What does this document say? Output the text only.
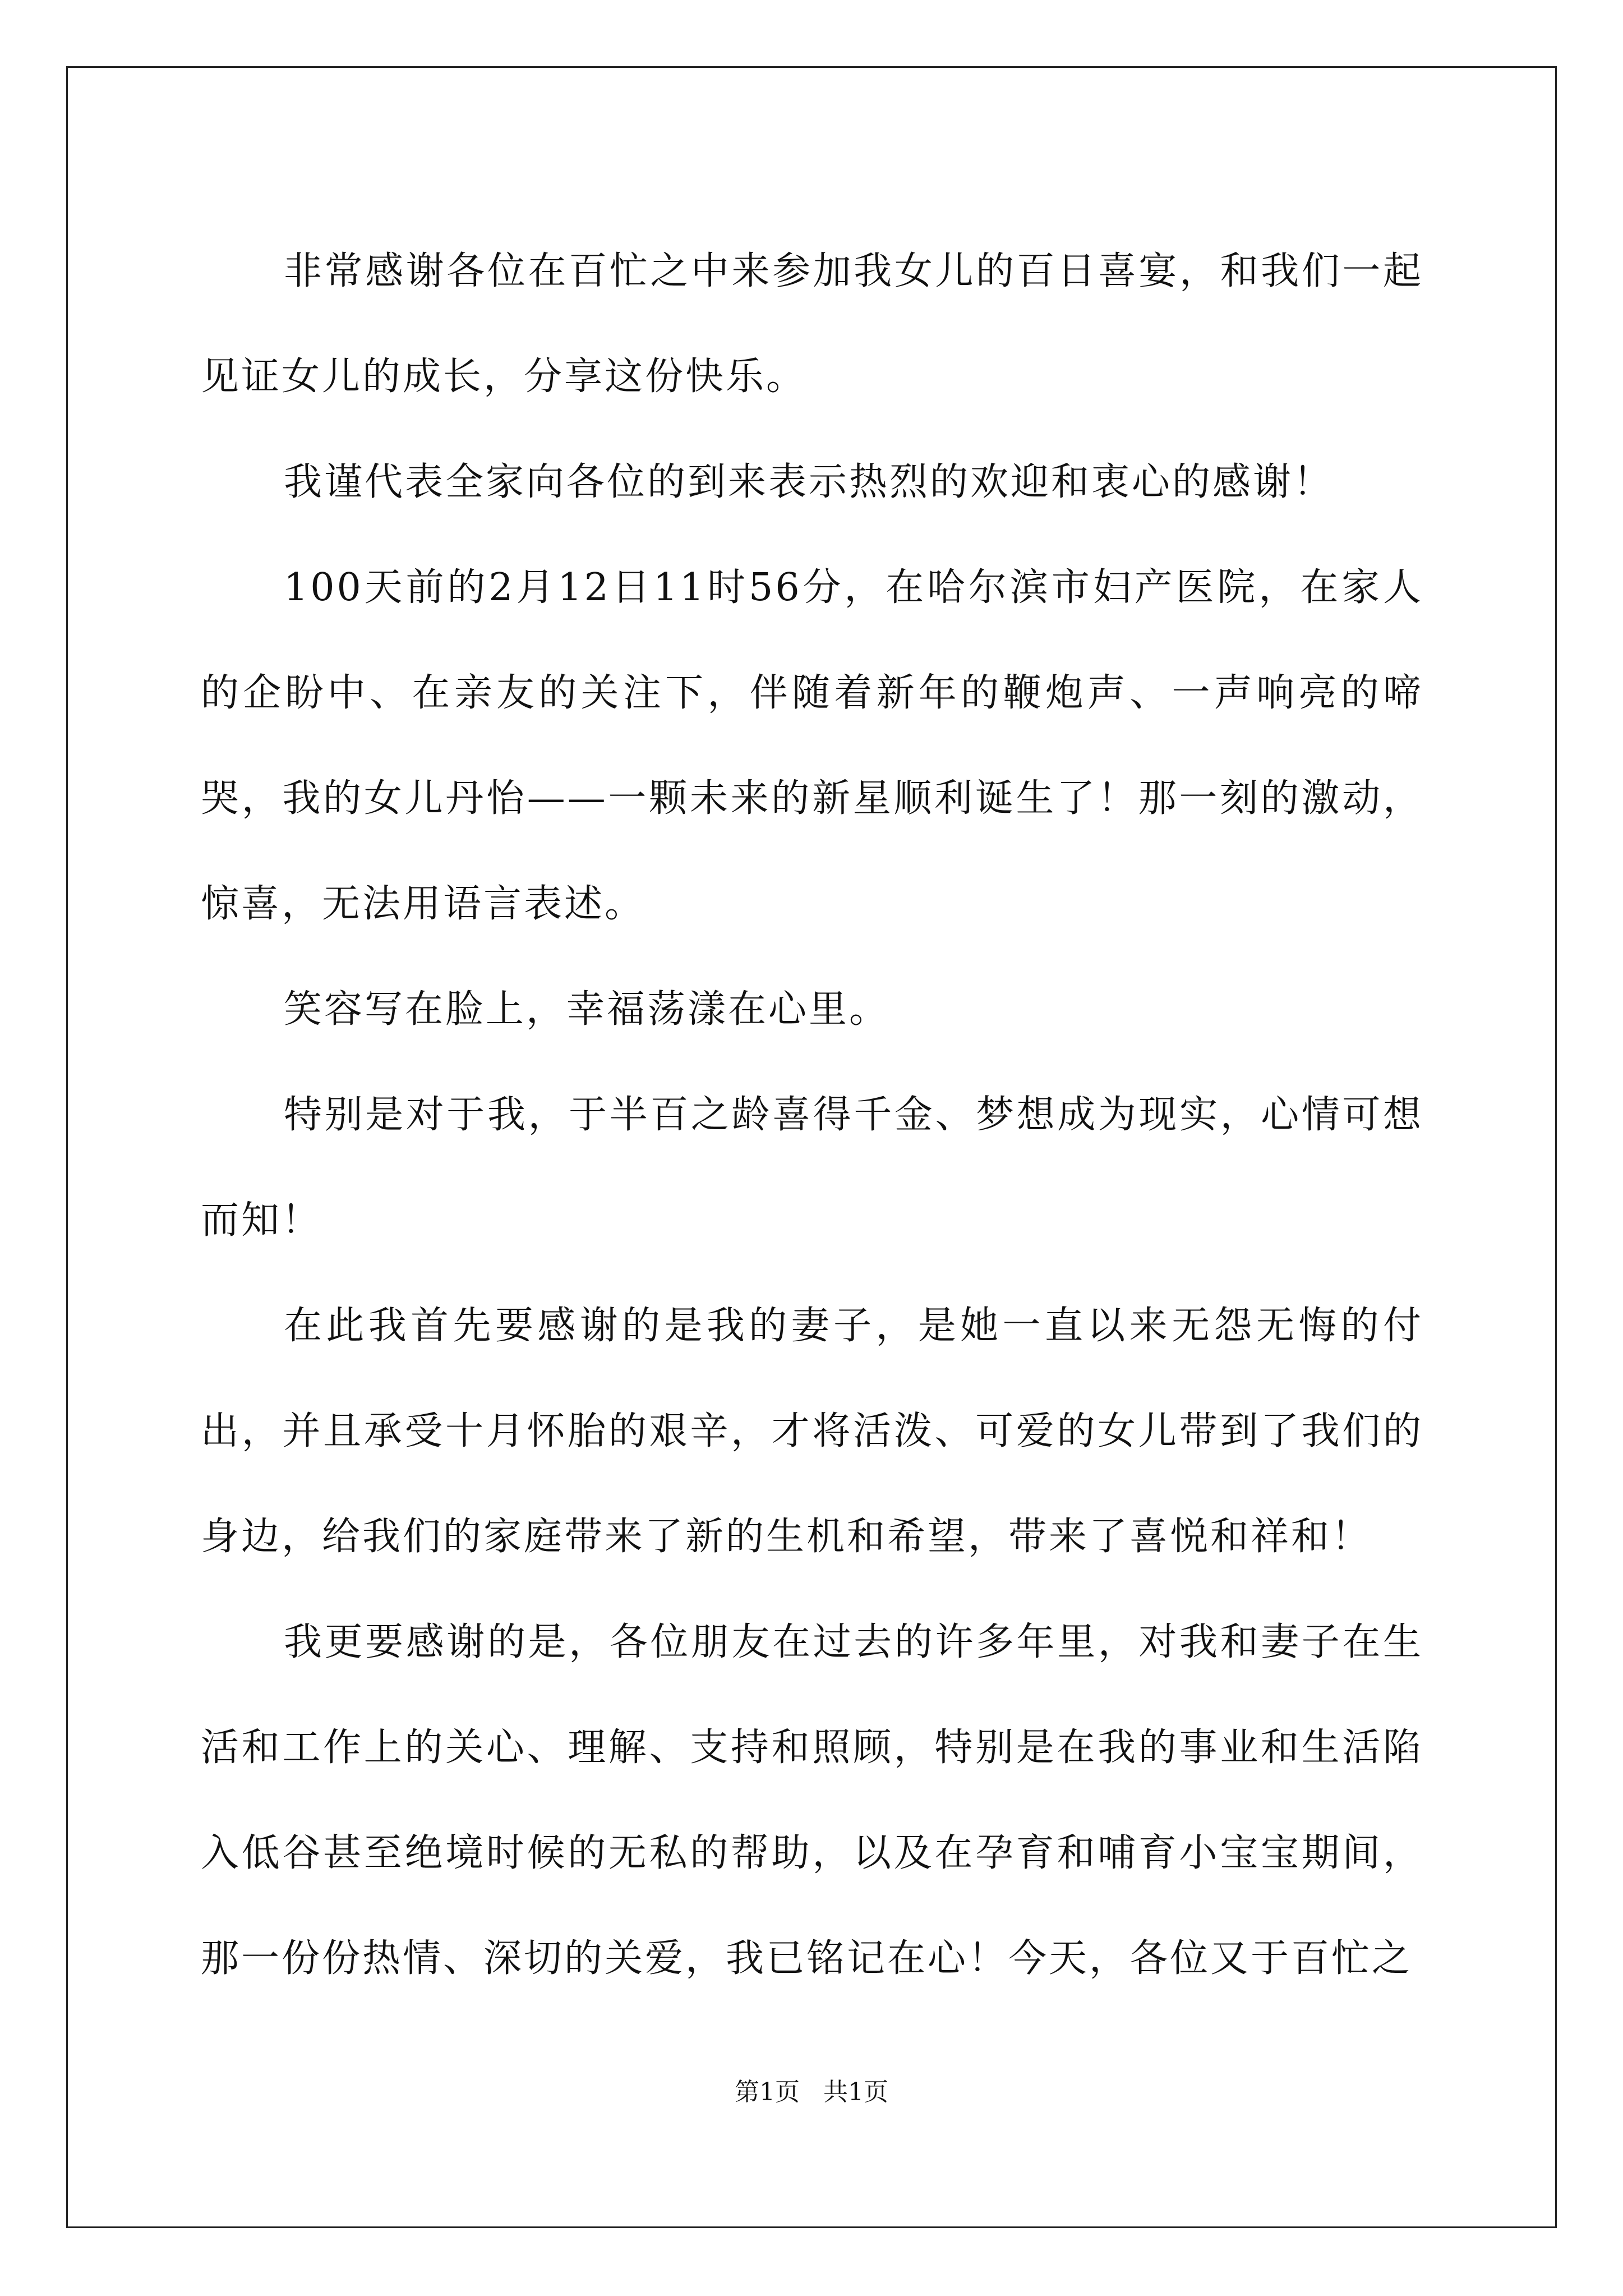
非常感谢各位在百忙之中来参加我女儿的百日喜宴，和我们一起见证女儿的成长，分享这份快乐。

我谨代表全家向各位的到来表示热烈的欢迎和衷心的感谢！

100天前的2月12日11时56分，在哈尔滨市妇产医院，在家人的企盼中、在亲友的关注下，伴随着新年的鞭炮声、一声响亮的啼哭，我的女儿丹怡——一颗未来的新星顺利诞生了！那一刻的激动，惊喜，无法用语言表述。

笑容写在脸上，幸福荡漾在心里。

特别是对于我，于半百之龄喜得千金、梦想成为现实，心情可想而知！

在此我首先要感谢的是我的妻子，是她一直以来无怨无悔的付出，并且承受十月怀胎的艰辛，才将活泼、可爱的女儿带到了我们的身边，给我们的家庭带来了新的生机和希望，带来了喜悦和祥和！

我更要感谢的是，各位朋友在过去的许多年里，对我和妻子在生活和工作上的关心、理解、支持和照顾，特别是在我的事业和生活陷入低谷甚至绝境时候的无私的帮助，以及在孕育和哺育小宝宝期间，那一份份热情、深切的关爱，我已铭记在心！今天，各位又于百忙之

第1页 共1页
